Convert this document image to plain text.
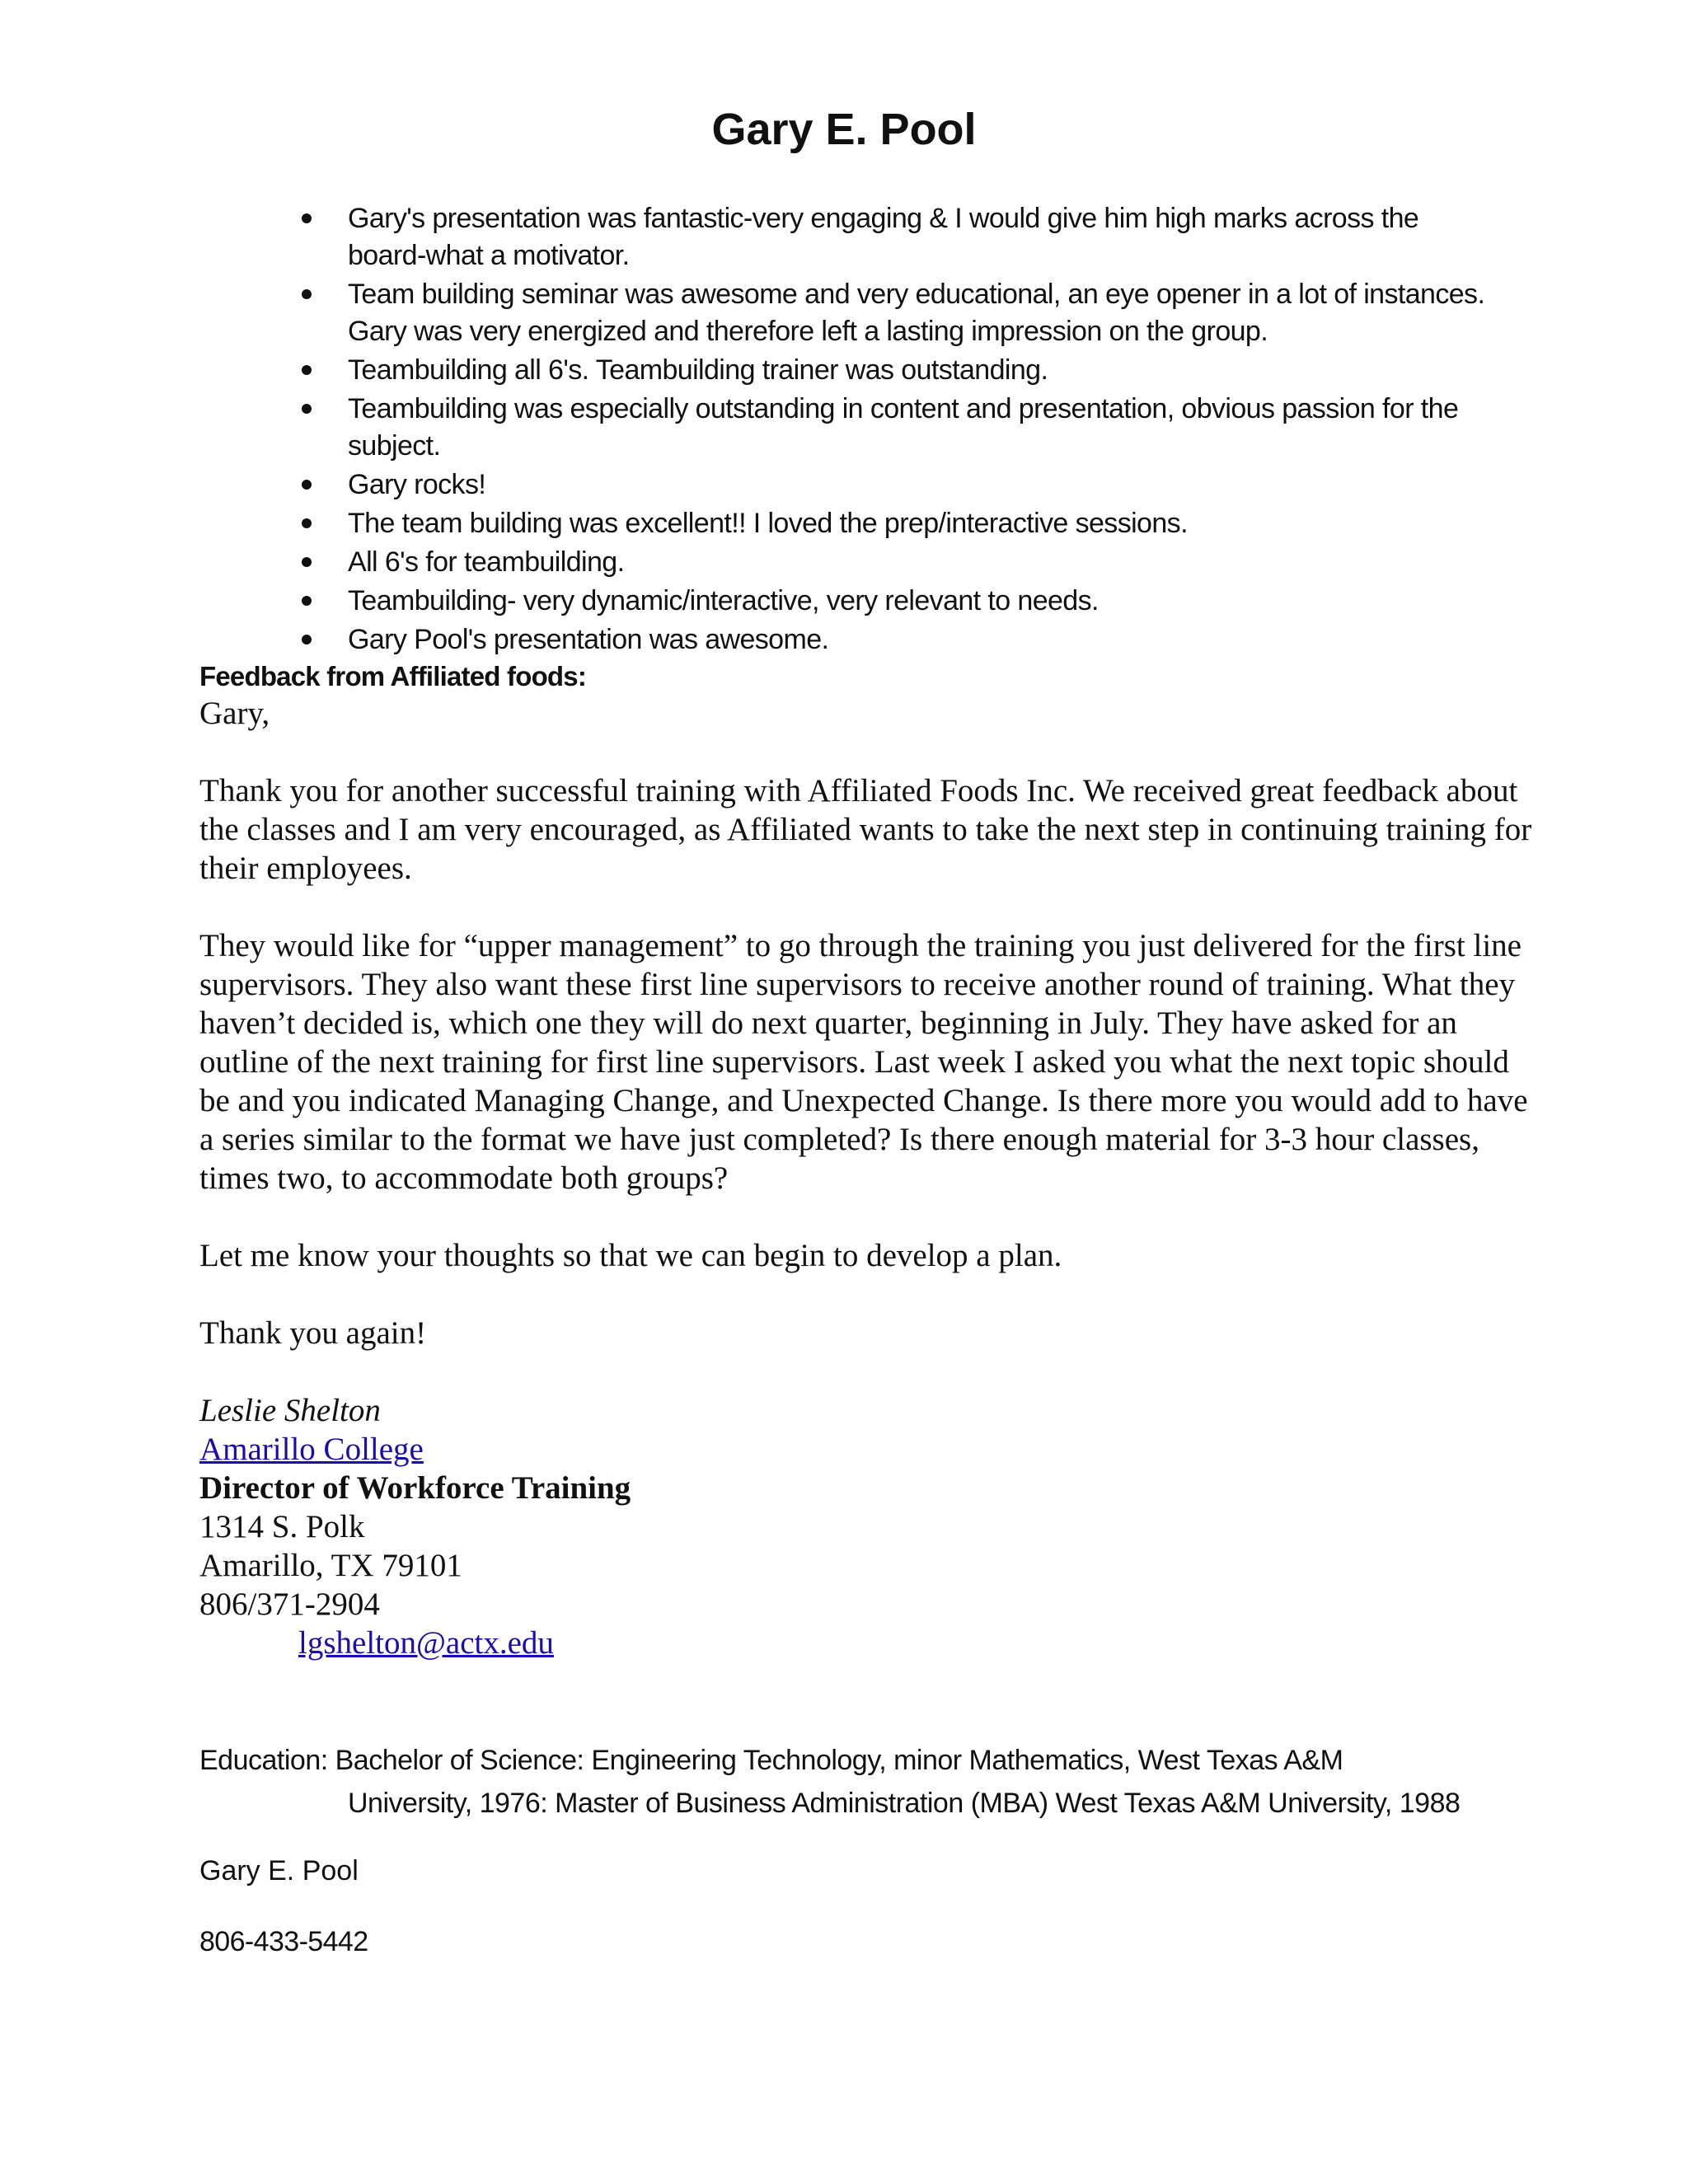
Gary E. Pool
Gary's presentation was fantastic-very engaging & I would give him high marks across the board-what a motivator.
Team building seminar was awesome and very educational, an eye opener in a lot of instances. Gary was very energized and therefore left a lasting impression on the group.
Teambuilding all 6's. Teambuilding trainer was outstanding.
Teambuilding was especially outstanding in content and presentation, obvious passion for the subject.
Gary rocks!
The team building was excellent!! I loved the prep/interactive sessions.
All 6's for teambuilding.
Teambuilding- very dynamic/interactive, very relevant to needs.
Gary Pool's presentation was awesome.
Feedback from Affiliated foods:

Gary,

Thank you for another successful training with Affiliated Foods Inc. We received great feedback about the classes and I am very encouraged, as Affiliated wants to take the next step in continuing training for their employees.

They would like for “upper management” to go through the training you just delivered for the first line supervisors. They also want these first line supervisors to receive another round of training. What they haven’t decided is, which one they will do next quarter, beginning in July. They have asked for an outline of the next training for first line supervisors. Last week I asked you what the next topic should be and you indicated Managing Change, and Unexpected Change. Is there more you would add to have a series similar to the format we have just completed? Is there enough material for 3-3 hour classes, times two, to accommodate both groups?

Let me know your thoughts so that we can begin to develop a plan.

Thank you again!

Leslie Shelton

Amarillo College

Director of Workforce Training

1314 S. Polk

Amarillo, TX 79101

806/371-2904

lgshelton@actx.edu

Education: Bachelor of Science: Engineering Technology, minor Mathematics, West Texas A&M
University, 1976: Master of Business Administration (MBA) West Texas A&M University, 1988
Gary E. Pool
806-433-5442
